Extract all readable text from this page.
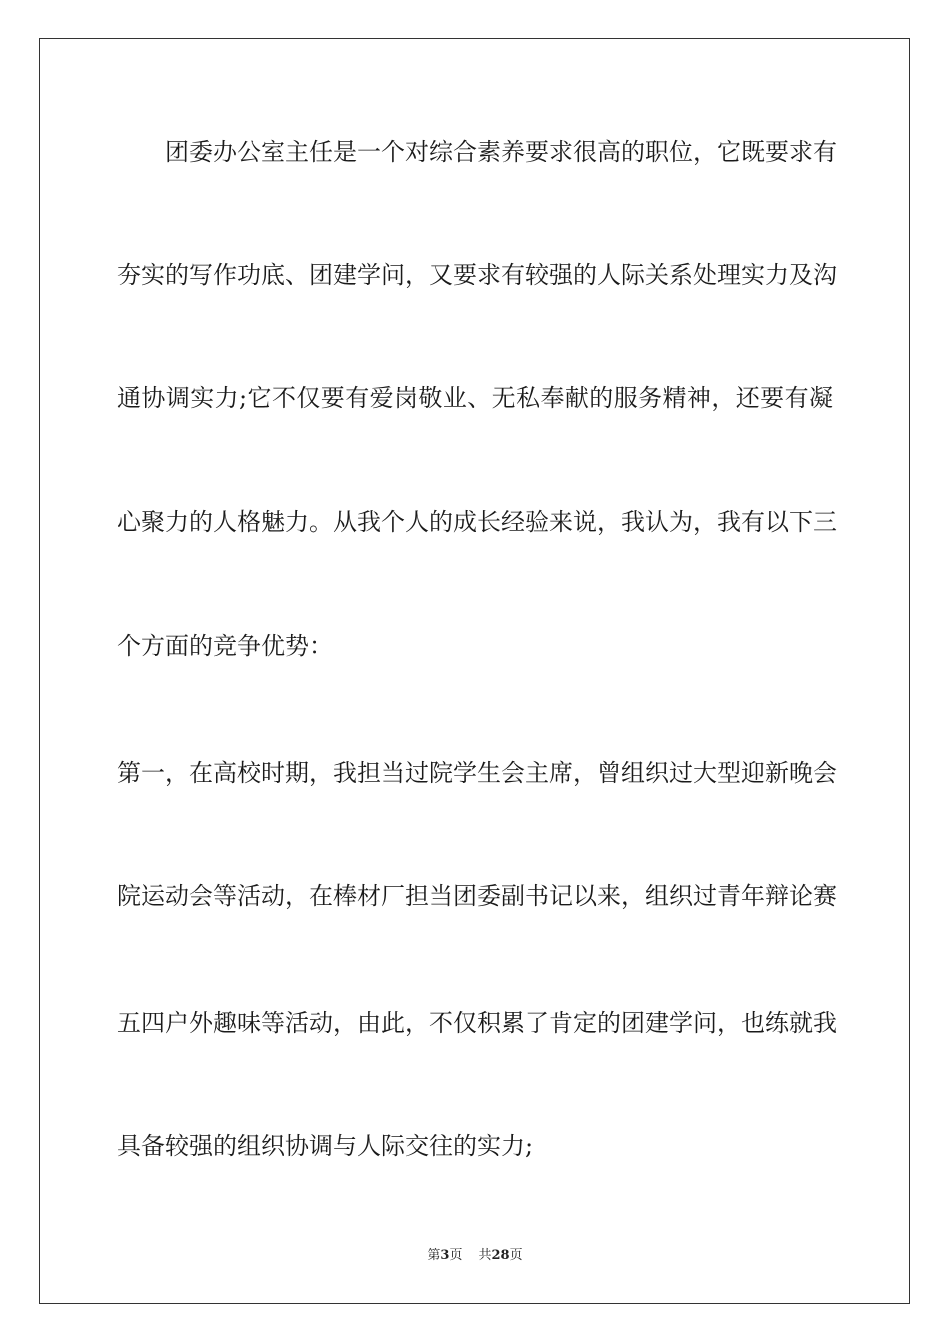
团委办公室主任是一个对综合素养要求很高的职位，它既要求有
夯实的写作功底、团建学问，又要求有较强的人际关系处理实力及沟
通协调实力;它不仅要有爱岗敬业、无私奉献的服务精神，还要有凝
心聚力的人格魅力。从我个人的成长经验来说，我认为，我有以下三
个方面的竞争优势：
第一，在高校时期，我担当过院学生会主席，曾组织过大型迎新晚会
院运动会等活动，在棒材厂担当团委副书记以来，组织过青年辩论赛
五四户外趣味等活动，由此，不仅积累了肯定的团建学问，也练就我
具备较强的组织协调与人际交往的实力;
第3页 共28页
